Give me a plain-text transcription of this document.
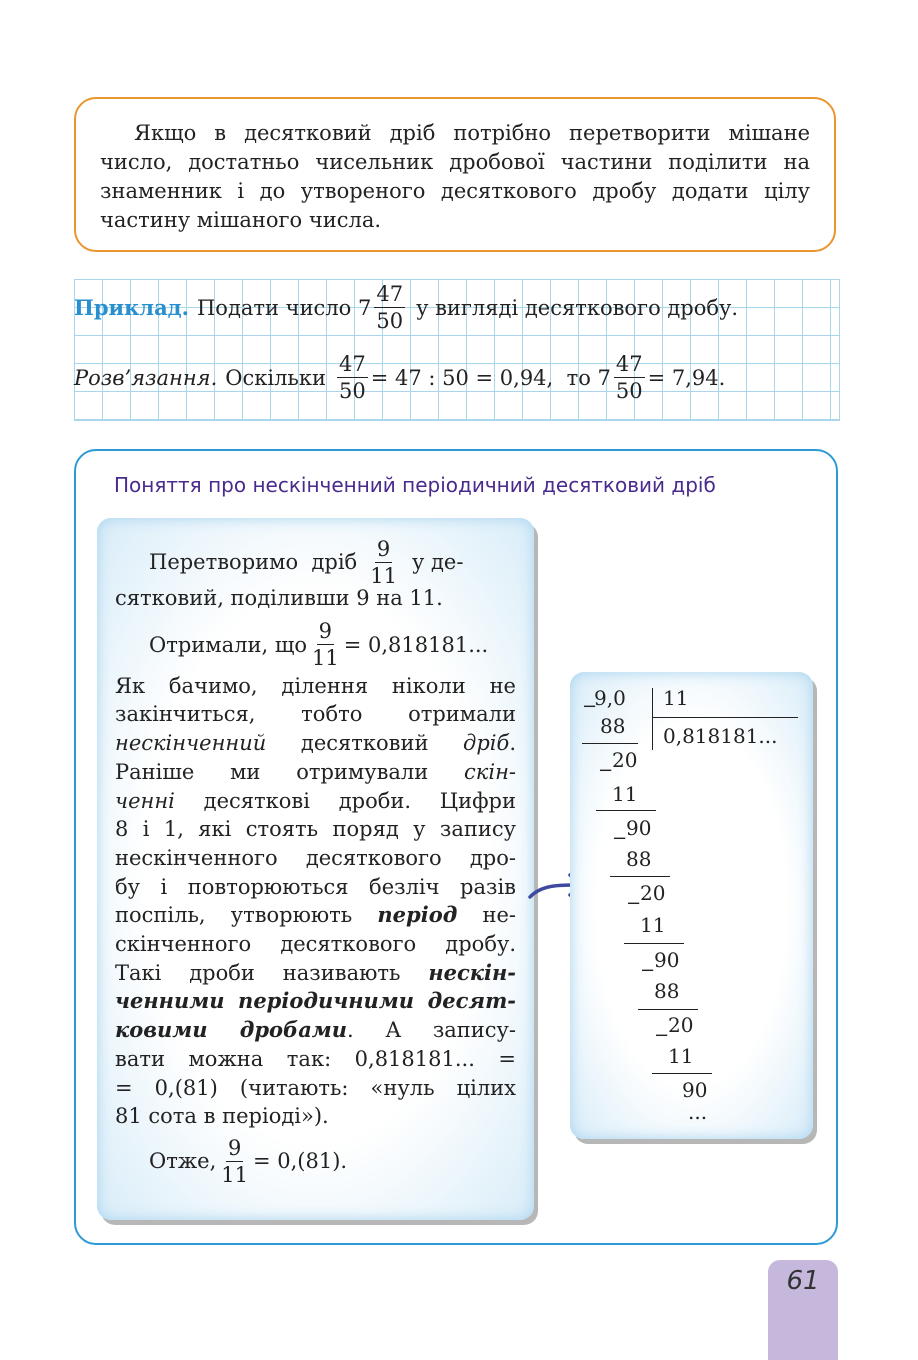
Якщо в десятковий дріб потрібно перетворити мішане число, достатньо чисельник дробової частини поділити на знаменник і до утвореного десяткового дробу додати цілу частину мішаного числа.

Приклад. Подати число $7 \frac{47}{50}$ у вигляді десяткового дробу.
Розв’язання. Оскільки $\frac{47}{50} = 47$ : 50 = 0,94,  то $7 \frac{47}{50} = 7,94$.
Поняття про нескінченний періодичний десятковий дріб
Перетворимо  дріб $\frac{9}{11}$ у де-
сятковий, поділивши 9 на 11.
Отримали, що $\frac{9}{11} = 0,818181$...
Як бачимо, ділення ніколи не
закінчиться, тобто отримали
нескінченний десятковий дріб.
Раніше ми отримували скін-
ченні десяткові дроби. Цифри
8 і 1, які стоять поряд у запису
нескінченного десяткового дро-
бу і повторюються безліч разів
поспіль, утворюють період не-
скінченного десяткового дробу.
Такі дроби називають нескін-
ченними періодичними десят-
ковими дробами. А запису-
вати можна так: 0,818181... =
= 0,(81) (читають: «нуль цілих
81 сота в періоді»).
Отже, $\frac{9}{11} = 0,(81)$.
−
9,0 11
0,818181...
88
−
20
11
−
90
88
−
20
11
−
90
88
−
20
11
90
...
61
